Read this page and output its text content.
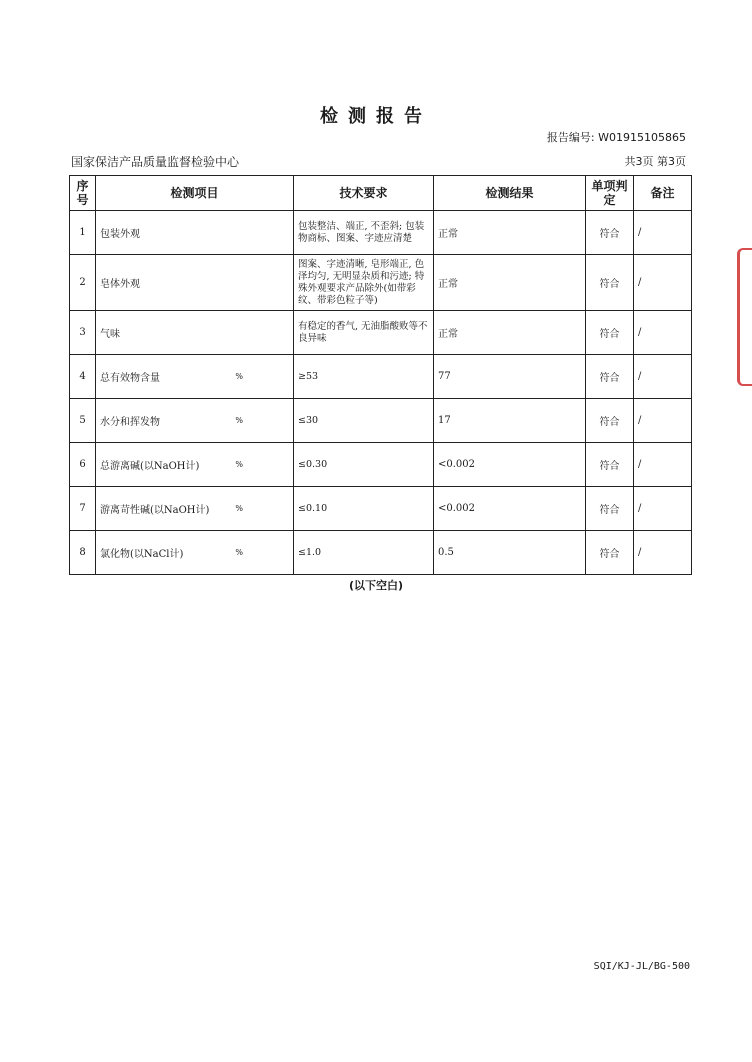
检测报告
报告编号: W01915105865
国家保洁产品质量监督检验中心	共3页 第3页
序号	检测项目	技术要求	检测结果	单项判定	备注
1	包装外观	包装整洁、端正, 不歪斜; 包装物商标、图案、字迹应清楚	正常	符合	/
2	皂体外观	图案、字迹清晰, 皂形端正, 色泽均匀, 无明显杂质和污迹; 特殊外观要求产品除外(如带彩纹、带彩色粒子等)	正常	符合	/
3	气味	有稳定的香气, 无油脂酸败等不良异味	正常	符合	/
4	总有效物含量 %	≥53	77	符合	/
5	水分和挥发物 %	≤30	17	符合	/
6	总游离碱(以NaOH计) %	≤0.30	<0.002	符合	/
7	游离苛性碱(以NaOH计) %	≤0.10	<0.002	符合	/
8	氯化物(以NaCl计) %	≤1.0	0.5	符合	/
(以下空白)
SQI/KJ-JL/BG-500
